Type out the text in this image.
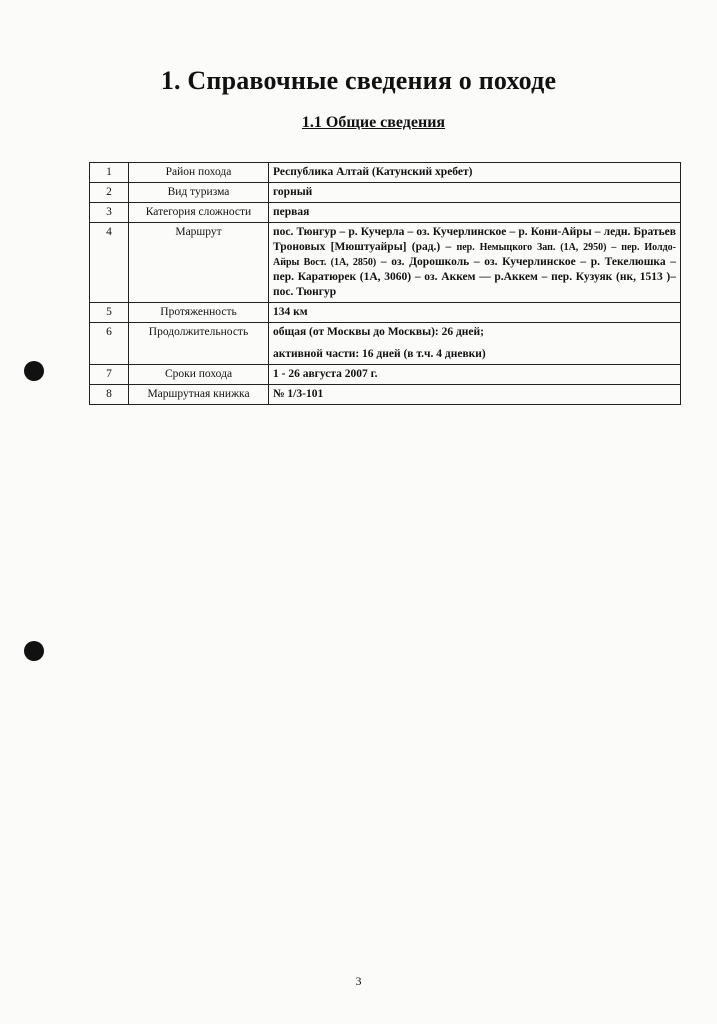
1. Справочные сведения о походе
1.1 Общие сведения
1	Район похода	Республика Алтай (Катунский хребет)
2	Вид туризма	горный
3	Категория сложности	первая
4	Маршрут	пос. Тюнгур – р. Кучерла – оз. Кучерлинское – р. Кони-Айры – ледн. Братьев Троновых [Мюштуайры] (рад.) – пер. Немыцкого Зап. (1А, 2950) – пер. Иолдо-Айры Вост. (1А, 2850) – оз. Дорошколь – оз. Кучерлинское – р. Текелюшка – пер. Каратюрек (1А, 3060) – оз. Аккем — р.Аккем – пер. Кузуяк (нк, 1513 )– пос. Тюнгур
5	Протяженность	134 км
6	Продолжительность	общая (от Москвы до Москвы): 26 дней;
активной части: 16 дней (в т.ч. 4 дневки)

7	Сроки похода	1 - 26 августа 2007 г.
8	Маршрутная книжка	№ 1/3-101
3
